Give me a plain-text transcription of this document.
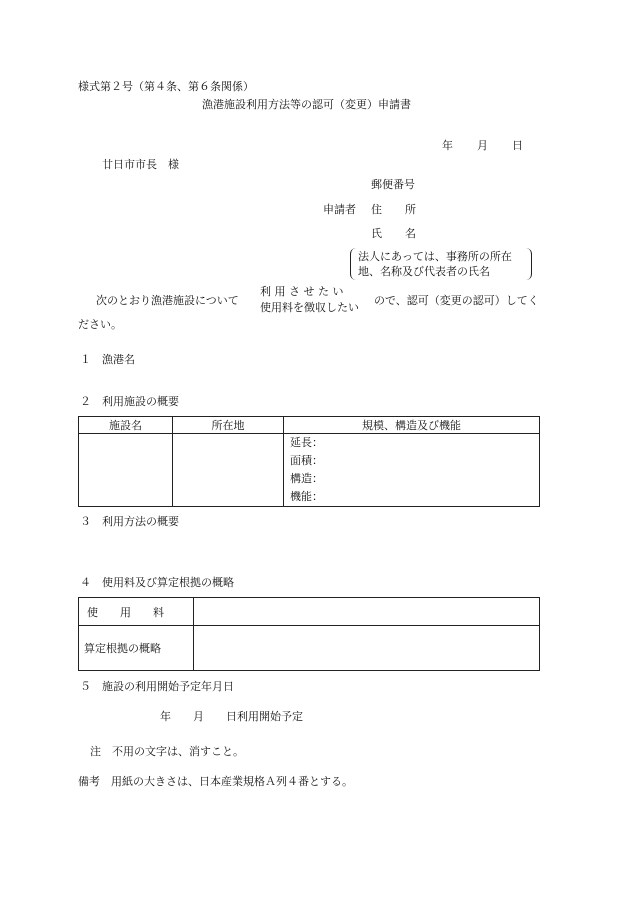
様式第２号（第４条、第６条関係）
漁港施設利用方法等の認可（変更）申請書
年 月 日
廿日市市長　様
郵便番号
申請者 住 所
氏 名
法人にあっては、事務所の所在
地、名称及び代表者の氏名
次のとおり漁港施設について
利 用 さ せ た い
使用料を徴収したい
ので、認可（変更の認可）してく
ださい。
１　漁港名
２　利用施設の概要
施設名	所在地	規模、構造及び機能

		延長：
面積：
構造：
機能：
３　利用方法の概要
４　使用料及び算定根拠の概略
使　　用　　料	
算定根拠の概略	
５　施設の利用開始予定年月日
年　　月　　日利用開始予定
注　不用の文字は、消すこと。
備考　用紙の大きさは、日本産業規格Ａ列４番とする。
